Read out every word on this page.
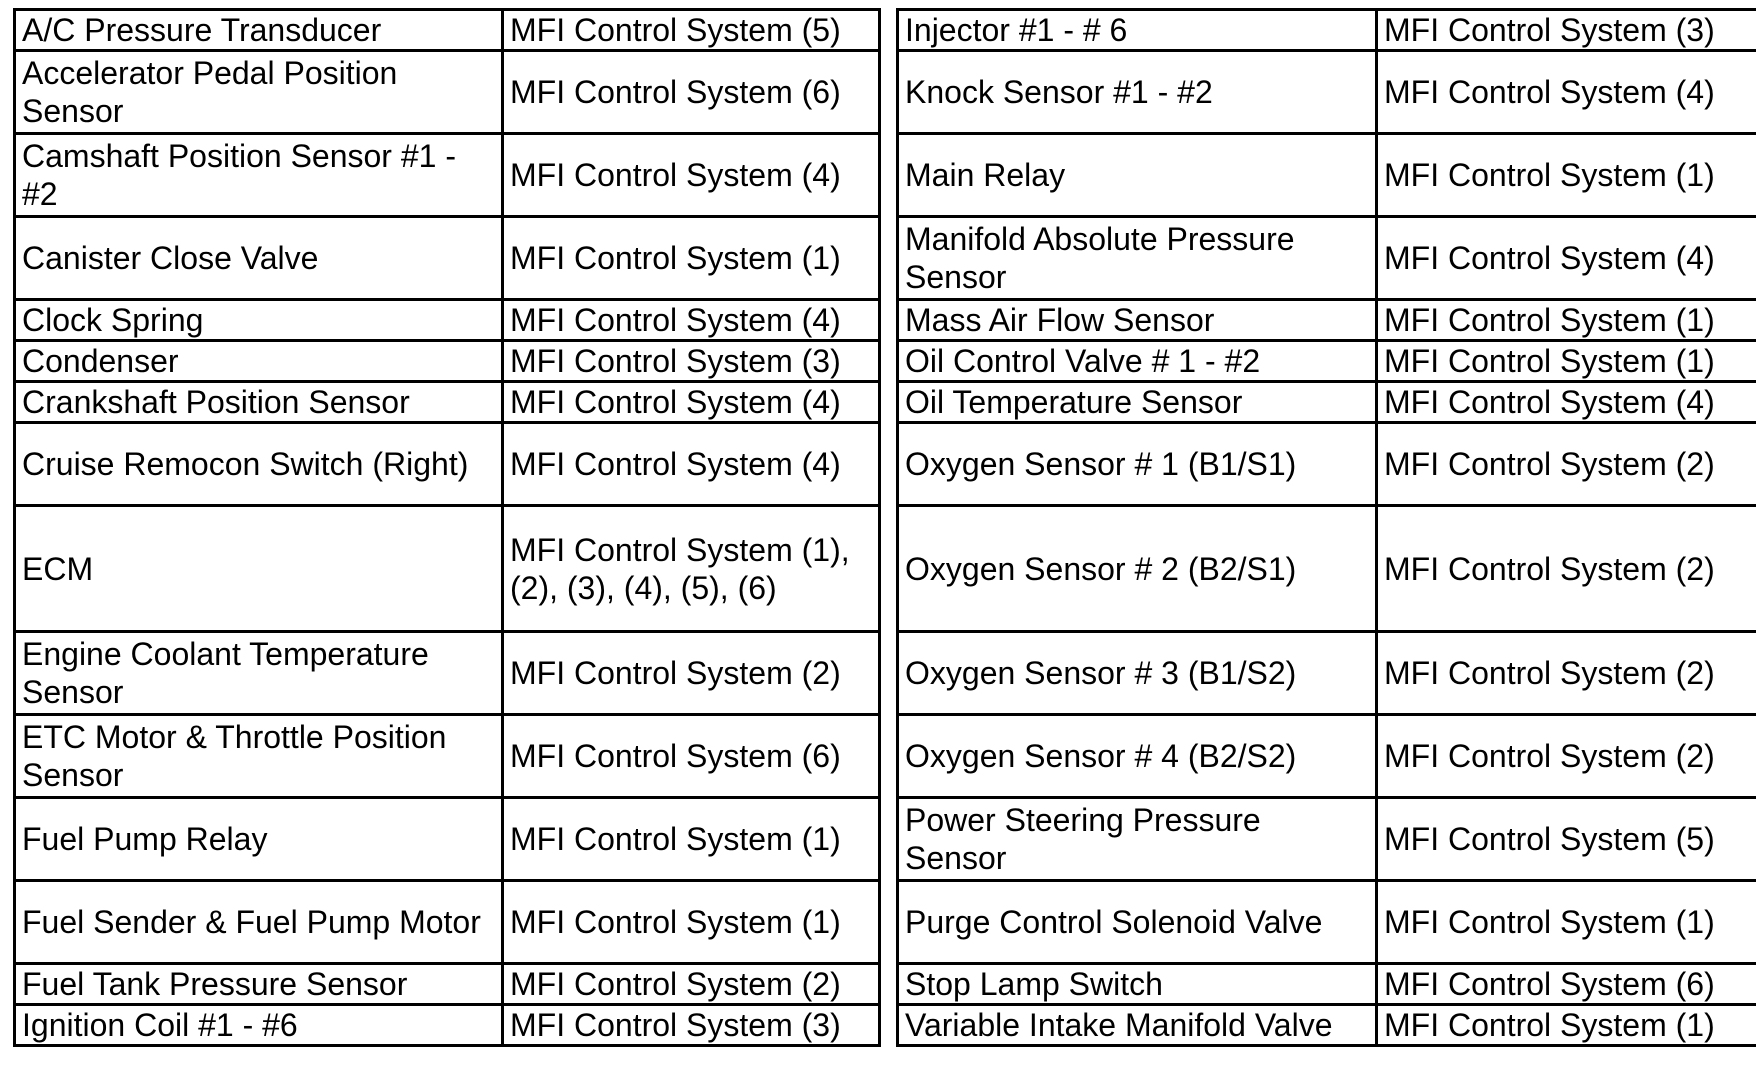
A/C Pressure Transducer	MFI Control System (5)
Accelerator Pedal Position Sensor	MFI Control System (6)
Camshaft Position Sensor #1 - #2	MFI Control System (4)
Canister Close Valve	MFI Control System (1)
Clock Spring	MFI Control System (4)
Condenser	MFI Control System (3)
Crankshaft Position Sensor	MFI Control System (4)
Cruise Remocon Switch (Right)	MFI Control System (4)
ECM	MFI Control System (1), (2), (3), (4), (5), (6)
Engine Coolant Temperature Sensor	MFI Control System (2)
ETC Motor & Throttle Position Sensor	MFI Control System (6)
Fuel Pump Relay	MFI Control System (1)
Fuel Sender & Fuel Pump Motor	MFI Control System (1)
Fuel Tank Pressure Sensor	MFI Control System (2)
Ignition Coil #1 - #6	MFI Control System (3)
Injector #1 - # 6	MFI Control System (3)
Knock Sensor #1 - #2	MFI Control System (4)
Main Relay	MFI Control System (1)
Manifold Absolute Pressure Sensor	MFI Control System (4)
Mass Air Flow Sensor	MFI Control System (1)
Oil Control Valve # 1 - #2	MFI Control System (1)
Oil Temperature Sensor	MFI Control System (4)
Oxygen Sensor # 1 (B1/S1)	MFI Control System (2)
Oxygen Sensor # 2 (B2/S1)	MFI Control System (2)
Oxygen Sensor # 3 (B1/S2)	MFI Control System (2)
Oxygen Sensor # 4 (B2/S2)	MFI Control System (2)
Power Steering Pressure Sensor	MFI Control System (5)
Purge Control Solenoid Valve	MFI Control System (1)
Stop Lamp Switch	MFI Control System (6)
Variable Intake Manifold Valve	MFI Control System (1)
